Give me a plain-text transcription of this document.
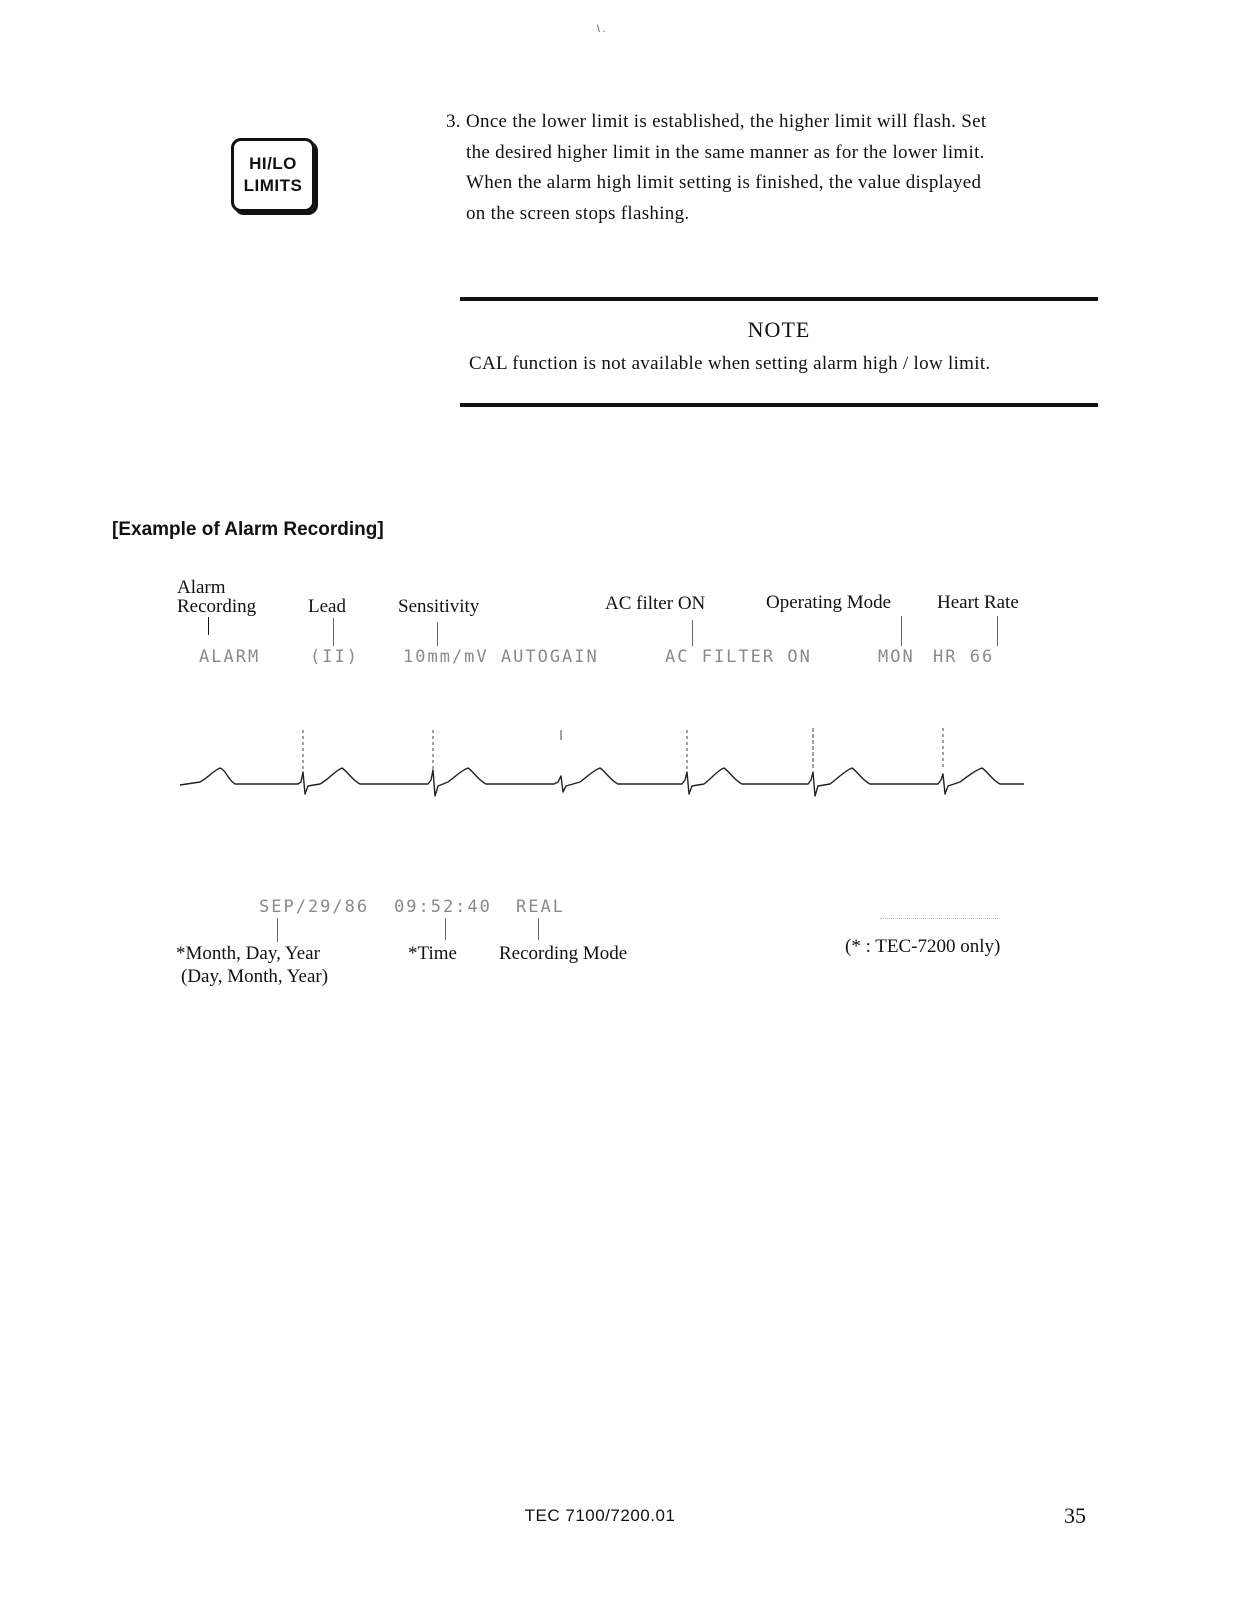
\ .
HI/LO
LIMITS
3. Once the lower limit is established, the higher limit will flash. Set
the desired higher limit in the same manner as for the lower limit.
When the alarm high limit setting is finished, the value displayed
on the screen stops flashing.
NOTE
CAL function is not available when setting alarm high / low limit.
[Example of Alarm Recording]
Alarm
Recording	Lead	Sensitivity	AC filter ON	Operating Mode Heart Rate
ALARM	(II)	10mm/mV AUTOGAIN	AC FILTER ON	MON HR 66
SEP/29/86 09:52:40 REAL
*Month, Day, Year
(Day, Month, Year)
*Time Recording Mode	(* : TEC-7200 only)
TEC 7100/7200.01	35
